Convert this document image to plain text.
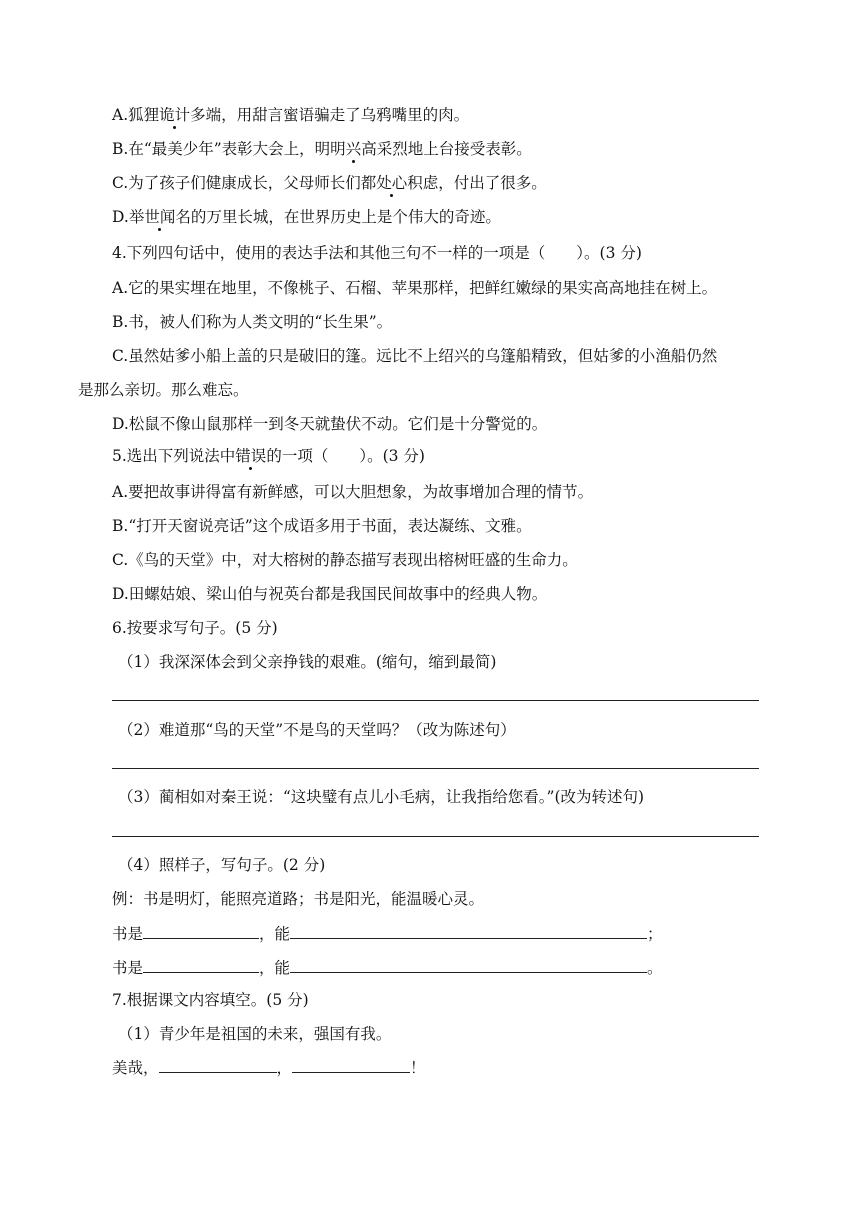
A.狐狸诡计多端，用甜言蜜语骗走了乌鸦嘴里的肉。
B.在“最美少年”表彰大会上，明明兴高采烈地上台接受表彰。
C.为了孩子们健康成长，父母师长们都处心积虑，付出了很多。
D.举世闻名的万里长城，在世界历史上是个伟大的奇迹。
4.下列四句话中，使用的表达手法和其他三句不一样的一项是（　　）。(3 分)
A.它的果实埋在地里，不像桃子、石榴、苹果那样，把鲜红嫩绿的果实高高地挂在树上。
B.书，被人们称为人类文明的“长生果”。
C.虽然姑爹小船上盖的只是破旧的篷。远比不上绍兴的乌篷船精致，但姑爹的小渔船仍然
是那么亲切。那么难忘。
D.松鼠不像山鼠那样一到冬天就蛰伏不动。它们是十分警觉的。
5.选出下列说法中错误的一项（　　）。(3 分)
A.要把故事讲得富有新鲜感，可以大胆想象，为故事增加合理的情节。
B.“打开天窗说亮话”这个成语多用于书面，表达凝练、文雅。
C.《鸟的天堂》中，对大榕树的静态描写表现出榕树旺盛的生命力。
D.田螺姑娘、梁山伯与祝英台都是我国民间故事中的经典人物。
6.按要求写句子。(5 分)
（1）我深深体会到父亲挣钱的艰难。(缩句，缩到最简)
（2）难道那“鸟的天堂”不是鸟的天堂吗？（改为陈述句）
（3）蔺相如对秦王说：“这块璧有点儿小毛病，让我指给您看。”(改为转述句)
（4）照样子，写句子。(2 分)
例：书是明灯，能照亮道路；书是阳光，能温暖心灵。
书是	，能	；
书是	，能	。
7.根据课文内容填空。(5 分)
（1）青少年是祖国的未来，强国有我。
美哉，	，	！
